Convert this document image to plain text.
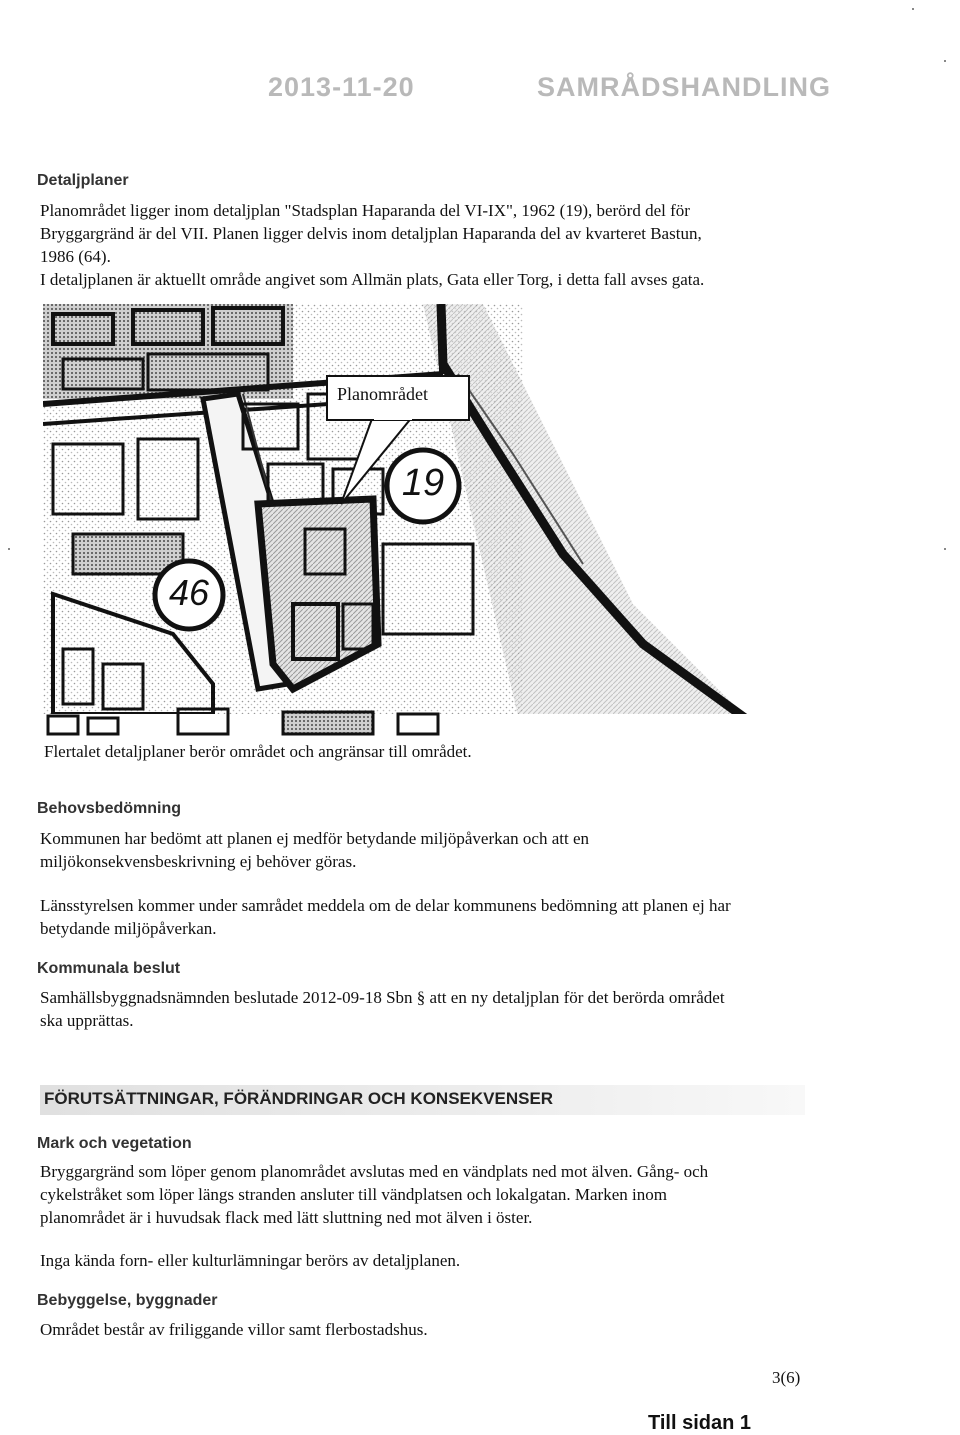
2013-11-20	SAMRÅDSHANDLING
Detaljplaner

Planområdet ligger inom detaljplan "Stadsplan Haparanda del VI-IX", 1962 (19), berörd del för
Bryggargränd är del VII. Planen ligger delvis inom detaljplan Haparanda del av kvarteret Bastun,
1986 (64).
I detaljplanen är aktuellt område angivet som Allmän plats, Gata eller Torg, i detta fall avses gata.

Planområdet
19
46

Flertalet detaljplaner berör området och angränsar till området.

Behovsbedömning

Kommunen har bedömt att planen ej medför betydande miljöpåverkan och att en
miljökonsekvensbeskrivning ej behöver göras.

Länsstyrelsen kommer under samrådet meddela om de delar kommunens bedömning att planen ej har
betydande miljöpåverkan.

Kommunala beslut

Samhällsbyggnadsnämnden beslutade 2012-09-18 Sbn § att en ny detaljplan för det berörda området
ska upprättas.

FÖRUTSÄTTNINGAR, FÖRÄNDRINGAR OCH KONSEKVENSER
Mark och vegetation

Bryggargränd som löper genom planområdet avslutas med en vändplats ned mot älven. Gång- och
cykelstråket som löper längs stranden ansluter till vändplatsen och lokalgatan. Marken inom
planområdet är i huvudsak flack med lätt sluttning ned mot älven i öster.

Inga kända forn- eller kulturlämningar berörs av detaljplanen.

Bebyggelse, byggnader

Området består av friliggande villor samt flerbostadshus.

3(6)
Till sidan 1
